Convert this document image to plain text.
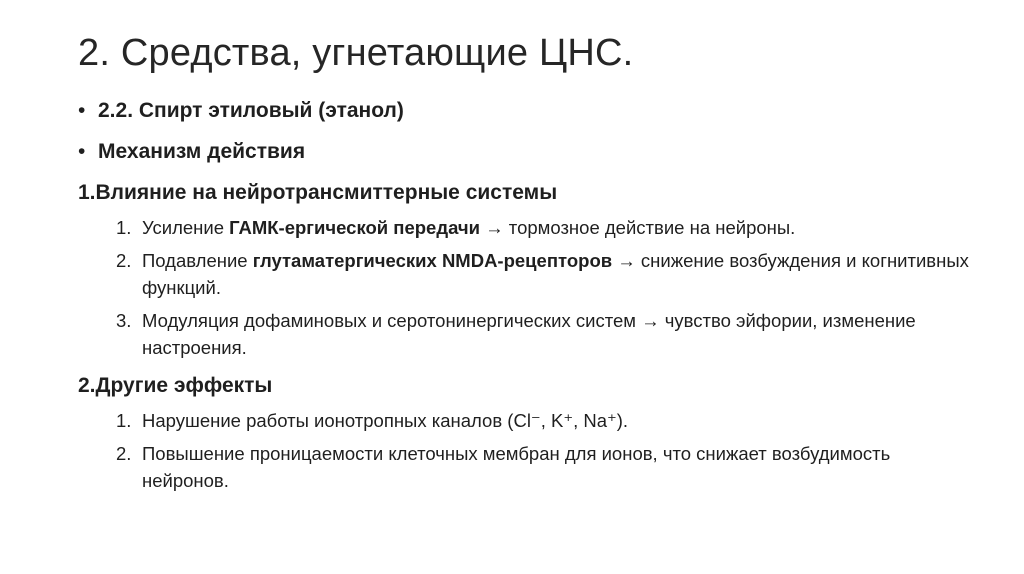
2. Средства, угнетающие ЦНС.
• 2.2. Спирт этиловый (этанол)
• Механизм действия
1.Влияние на нейротрансмиттерные системы
1. Усиление ГАМК-ергической передачи → тормозное действие на нейроны.
2. Подавление глутаматергических NMDA-рецепторов → снижение возбуждения и когнитивных функций.
3. Модуляция дофаминовых и серотонинергических систем → чувство эйфории, изменение настроения.
2.Другие эффекты
1. Нарушение работы ионотропных каналов (Cl⁻, K⁺, Na⁺).
2. Повышение проницаемости клеточных мембран для ионов, что снижает возбудимость нейронов.
